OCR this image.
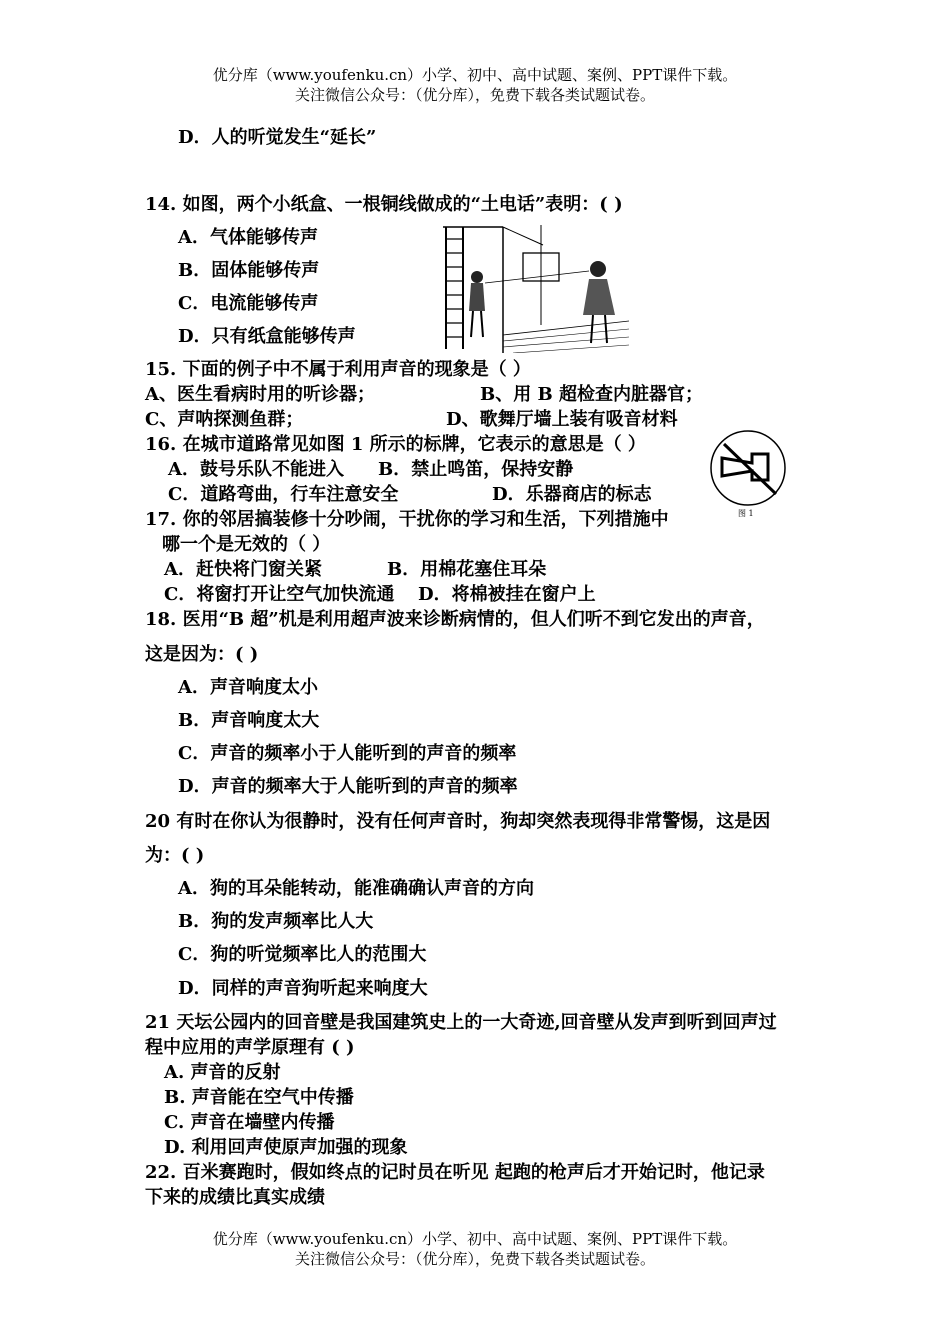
优分库（www.youfenku.cn）小学、初中、高中试题、案例、PPT课件下载。
关注微信公众号：（优分库），免费下载各类试题试卷。
D．人的听觉发生“延长”
14. 如图，两个小纸盒、一根铜线做成的“土电话”表明：( )
A．气体能够传声
B．固体能够传声
C．电流能够传声
D．只有纸盒能够传声
15. 下面的例子中不属于利用声音的现象是（ ）
A、医生看病时用的听诊器；	B、用 B 超检查内脏器官；
C、声呐探测鱼群；	D、歌舞厅墙上装有吸音材料
16. 在城市道路常见如图 1 所示的标牌，它表示的意思是（ ）
A．鼓号乐队不能进入 B．禁止鸣笛，保持安静
C．道路弯曲，行车注意安全	D．乐器商店的标志
图 1
17. 你的邻居搞装修十分吵闹，干扰你的学习和生活，下列措施中
哪一个是无效的（ ）
A．赶快将门窗关紧	B．用棉花塞住耳朵
C．将窗打开让空气加快流通 D．将棉被挂在窗户上
18. 医用“B 超”机是利用超声波来诊断病情的，但人们听不到它发出的声音，
这是因为：( )
A．声音响度太小
B．声音响度太大
C．声音的频率小于人能听到的声音的频率
D．声音的频率大于人能听到的声音的频率
20 有时在你认为很静时，没有任何声音时，狗却突然表现得非常警惕，这是因
为：( )
A．狗的耳朵能转动，能准确确认声音的方向
B．狗的发声频率比人大
C．狗的听觉频率比人的范围大
D．同样的声音狗听起来响度大
21 天坛公园内的回音壁是我国建筑史上的一大奇迹,回音壁从发声到听到回声过
程中应用的声学原理有 ( )
A. 声音的反射
B. 声音能在空气中传播
C. 声音在墙壁内传播
D. 利用回声使原声加强的现象
22. 百米赛跑时，假如终点的记时员在听见 起跑的枪声后才开始记时，他记录
下来的成绩比真实成绩
优分库（www.youfenku.cn）小学、初中、高中试题、案例、PPT课件下载。
关注微信公众号：（优分库），免费下载各类试题试卷。
